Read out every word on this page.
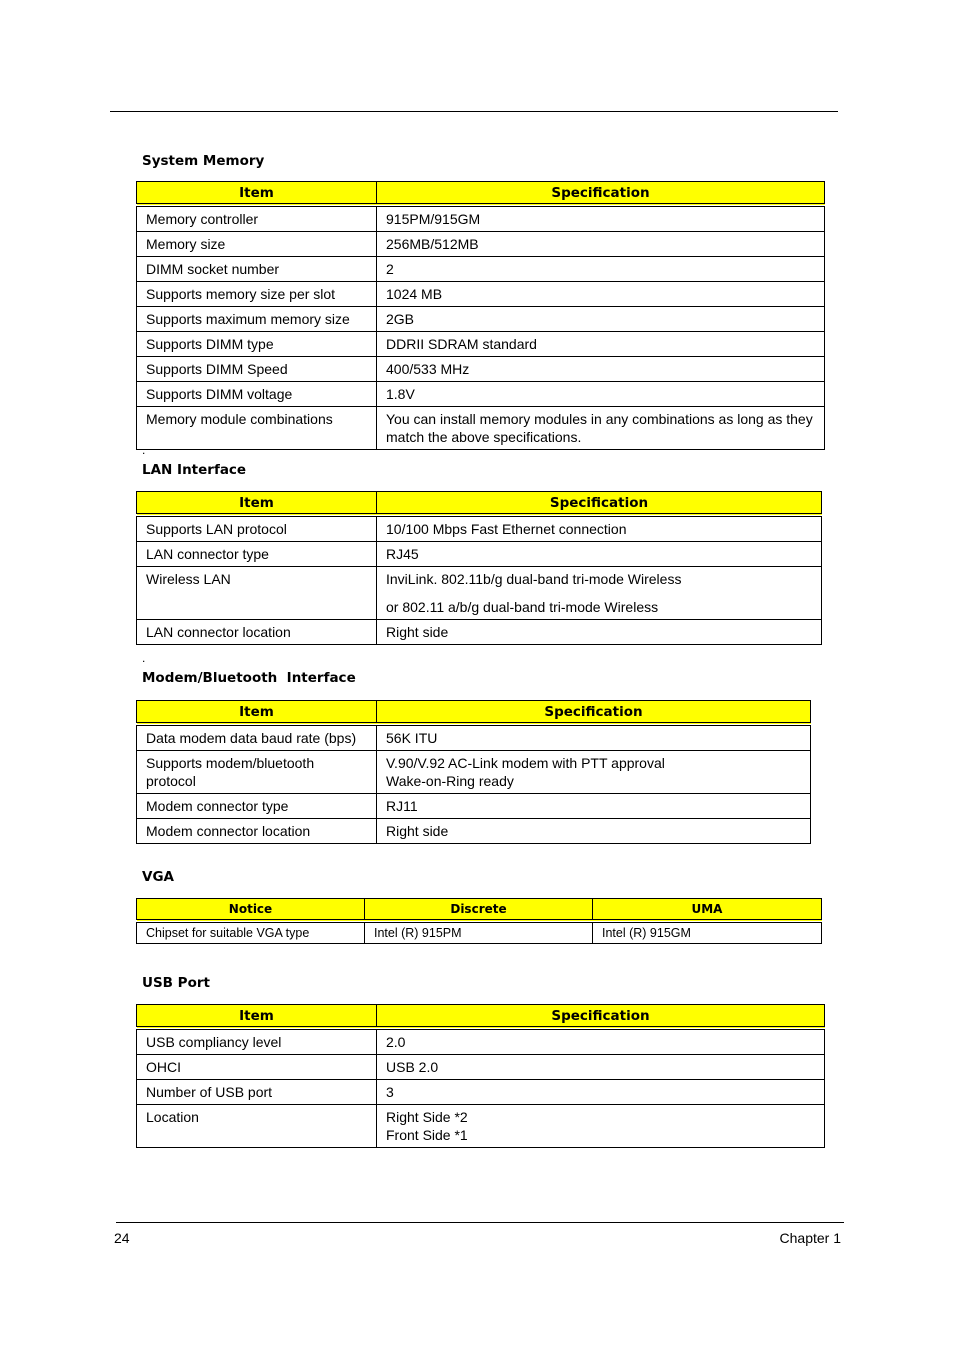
System Memory
Item	Specification
Memory controller	915PM/915GM
Memory size	256MB/512MB
DIMM socket number	2
Supports memory size per slot	1024 MB
Supports maximum memory size	2GB
Supports DIMM type	DDRII SDRAM standard
Supports DIMM Speed	400/533 MHz
Supports DIMM voltage	1.8V
Memory module combinations	You can install memory modules in any combinations as long as they match the above specifications.
.
LAN Interface
Item	Specification
Supports LAN protocol	10/100 Mbps Fast Ethernet connection
LAN connector type	RJ45
Wireless LAN	InviLink. 802.11b/g dual-band tri-mode Wireless
or 802.11 a/b/g dual-band tri-mode Wireless

LAN connector location	Right side
.
Modem/Bluetooth  Interface
Item	Specification
Data modem data baud rate (bps)	56K ITU
Supports modem/bluetooth protocol	V.90/V.92 AC-Link modem with PTT approval
Wake-on-Ring ready

Modem connector type	RJ11
Modem connector location	Right side
VGA
Notice	Discrete	UMA
Chipset for suitable VGA type	Intel (R) 915PM	Intel (R) 915GM
USB Port
Item	Specification
USB compliancy level	2.0
OHCI	USB 2.0
Number of USB port	3
Location	Right Side *2
Front Side *1
24	Chapter 1
